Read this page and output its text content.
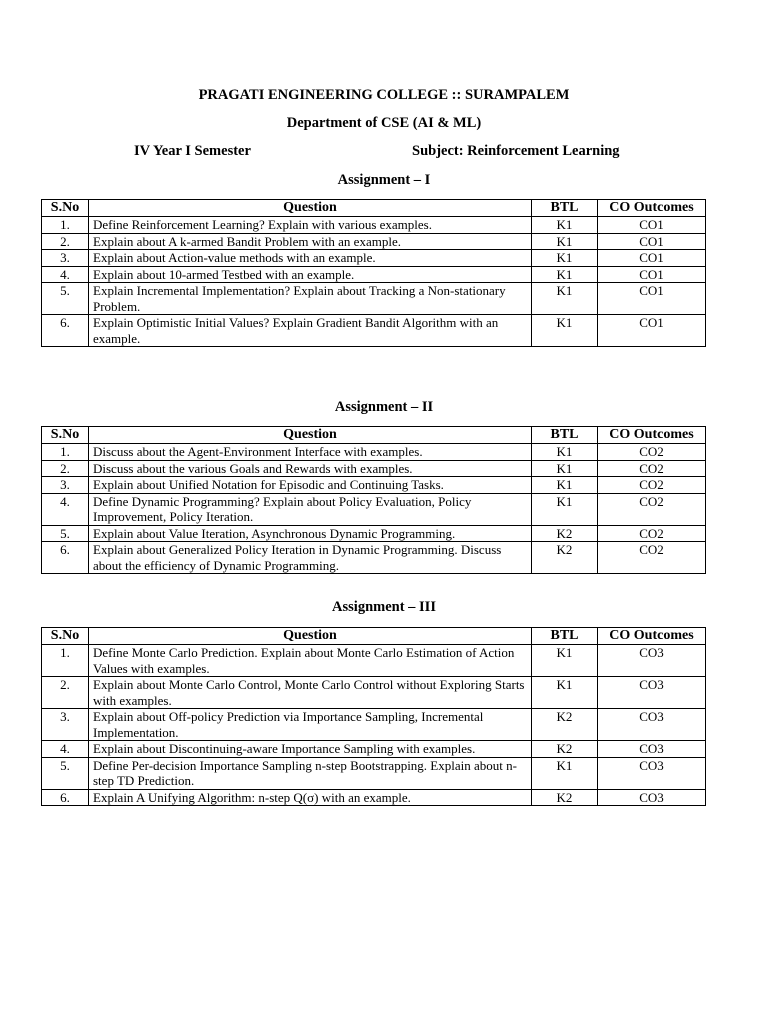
PRAGATI ENGINEERING COLLEGE :: SURAMPALEM
Department of CSE (AI & ML)
IV Year I Semester	Subject: Reinforcement Learning
Assignment – I
S.No	Question	BTL	CO Outcomes
1.	Define Reinforcement Learning? Explain with various examples.	K1	CO1
2.	Explain about A k-armed Bandit Problem with an example.	K1	CO1
3.	Explain about Action-value methods with an example.	K1	CO1
4.	Explain about 10-armed Testbed with an example.	K1	CO1
5.	Explain Incremental Implementation? Explain about Tracking a Non-stationary Problem.	K1	CO1
6.	Explain Optimistic Initial Values? Explain Gradient Bandit Algorithm with an example.	K1	CO1
Assignment – II
S.No	Question	BTL	CO Outcomes
1.	Discuss about the Agent-Environment Interface with examples.	K1	CO2
2.	Discuss about the various Goals and Rewards with examples.	K1	CO2
3.	Explain about Unified Notation for Episodic and Continuing Tasks.	K1	CO2
4.	Define Dynamic Programming? Explain about Policy Evaluation, Policy Improvement, Policy Iteration.	K1	CO2
5.	Explain about Value Iteration, Asynchronous Dynamic Programming.	K2	CO2
6.	Explain about Generalized Policy Iteration in Dynamic Programming. Discuss about the efficiency of Dynamic Programming.	K2	CO2
Assignment – III
S.No	Question	BTL	CO Outcomes
1.	Define Monte Carlo Prediction. Explain about Monte Carlo Estimation of Action Values with examples.	K1	CO3
2.	Explain about Monte Carlo Control, Monte Carlo Control without Exploring Starts with examples.	K1	CO3
3.	Explain about Off-policy Prediction via Importance Sampling, Incremental Implementation.	K2	CO3
4.	Explain about Discontinuing-aware Importance Sampling with examples.	K2	CO3
5.	Define Per-decision Importance Sampling n-step Bootstrapping. Explain about n-step TD Prediction.	K1	CO3
6.	Explain A Unifying Algorithm: n-step Q(σ) with an example.	K2	CO3
